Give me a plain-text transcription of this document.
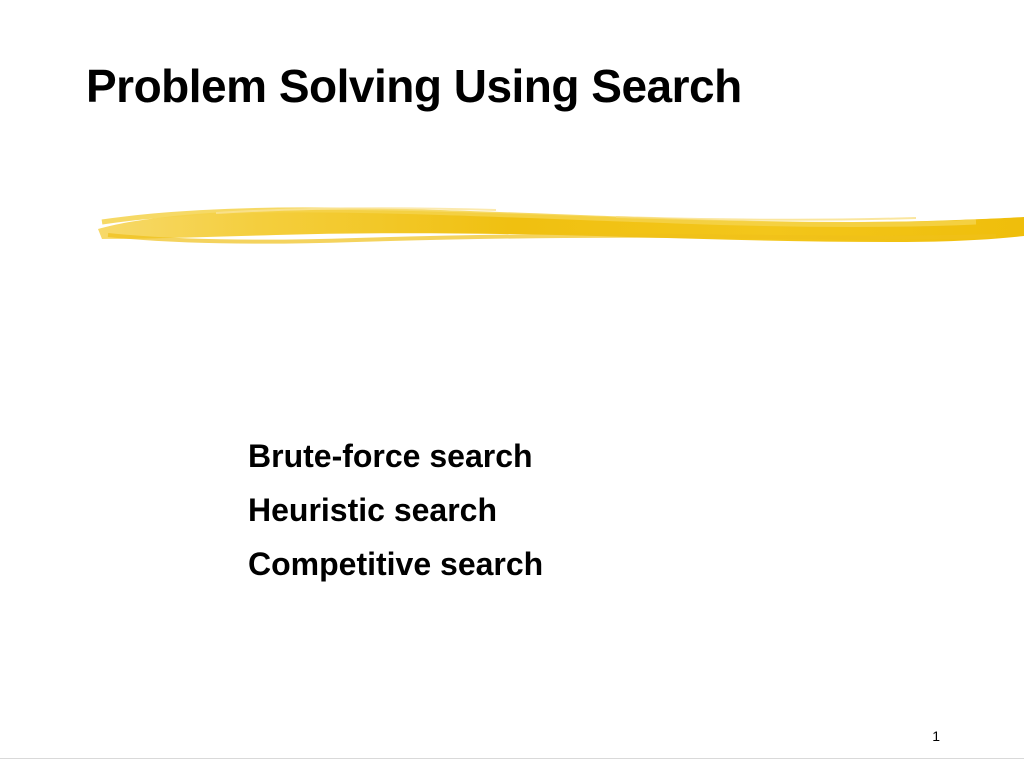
Problem Solving Using Search
Brute-force search
Heuristic search
Competitive search
1
